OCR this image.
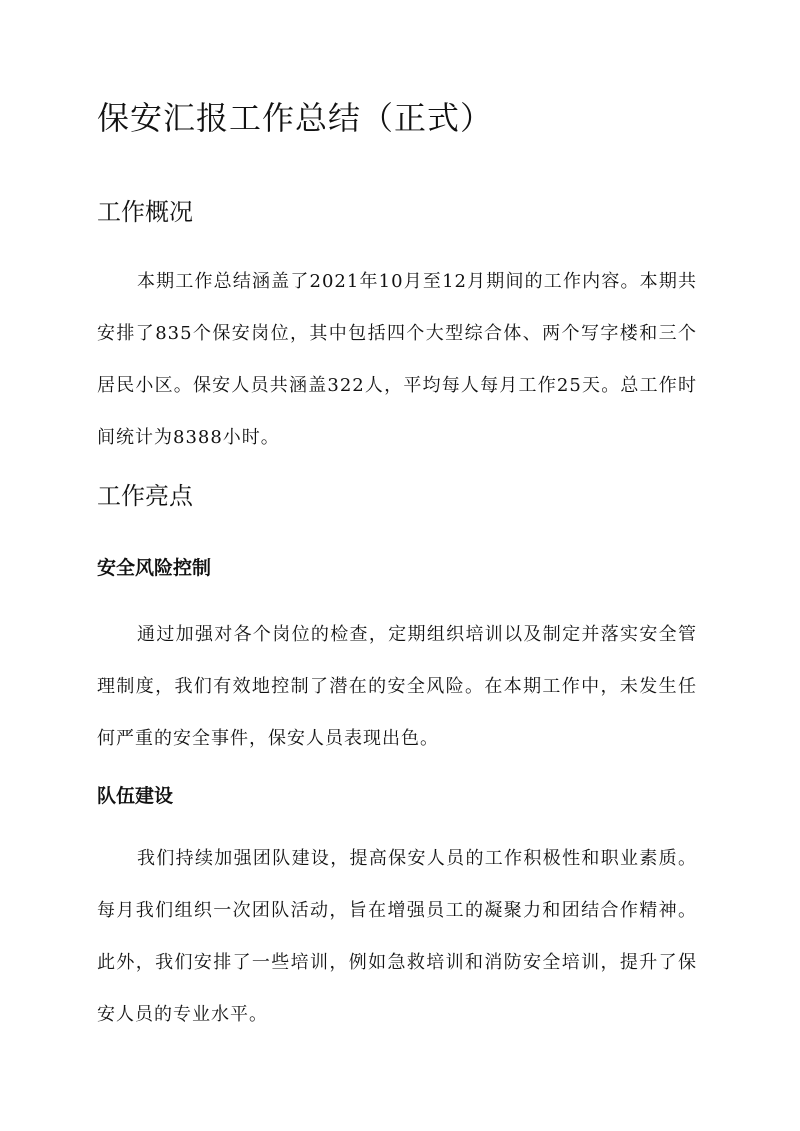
保安汇报工作总结（正式）
工作概况

本期工作总结涵盖了2021年10月至12月期间的工作内容。本期共安排了835个保安岗位，其中包括四个大型综合体、两个写字楼和三个居民小区。保安人员共涵盖322人，平均每人每月工作25天。总工作时间统计为8388小时。

工作亮点
安全风险控制

通过加强对各个岗位的检查，定期组织培训以及制定并落实安全管理制度，我们有效地控制了潜在的安全风险。在本期工作中，未发生任何严重的安全事件，保安人员表现出色。

队伍建设

我们持续加强团队建设，提高保安人员的工作积极性和职业素质。每月我们组织一次团队活动，旨在增强员工的凝聚力和团结合作精神。此外，我们安排了一些培训，例如急救培训和消防安全培训，提升了保安人员的专业水平。
